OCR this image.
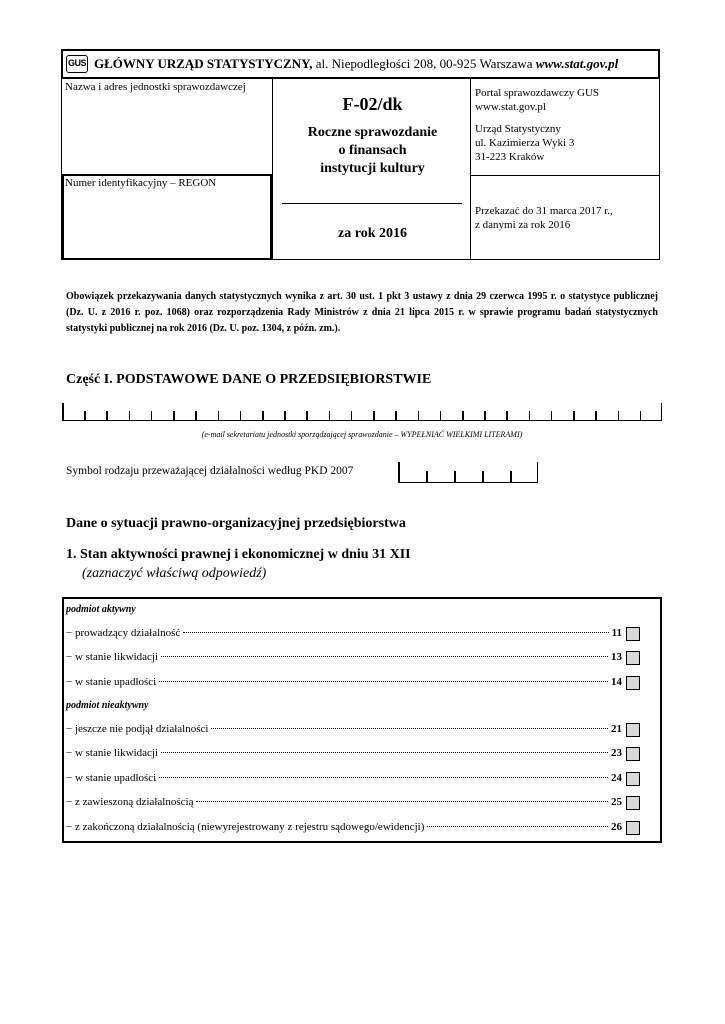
GUS GŁÓWNY URZĄD STATYSTYCZNY, al. Niepodległości 208, 00-925 Warszawa www.stat.gov.pl
Nazwa i adres jednostki sprawozdawczej
Numer identyfikacyjny – REGON
F-02/dk
Roczne sprawozdanie
o finansach
instytucji kultury
za rok 2016
Portal sprawozdawczy GUS
www.stat.gov.pl
Urząd Statystyczny
ul. Kazimierza Wyki 3
31-223 Kraków
Przekazać do 31 marca 2017 r.,
z danymi za rok 2016
Obowiązek przekazywania danych statystycznych wynika z art. 30 ust. 1 pkt 3 ustawy z dnia 29 czerwca 1995 r. o statystyce publicznej (Dz. U. z 2016 r. poz. 1068) oraz rozporządzenia Rady Ministrów z dnia 21 lipca 2015 r. w sprawie programu badań statystycznych statystyki publicznej na rok 2016 (Dz. U. poz. 1304, z późn. zm.).
Część I. PODSTAWOWE DANE O PRZEDSIĘBIORSTWIE
(e-mail sekretariatu jednostki sporządzającej sprawozdanie – WYPEŁNIAĆ WIELKIMI LITERAMI)
Symbol rodzaju przeważającej działalności według PKD 2007
Dane o sytuacji prawno-organizacyjnej przedsiębiorstwa
1. Stan aktywności prawnej i ekonomicznej w dniu 31 XII
(zaznaczyć właściwą odpowiedź)
podmiot aktywny
− prowadzący działalność	11
− w stanie likwidacji	13
− w stanie upadłości	14
podmiot nieaktywny
− jeszcze nie podjął działalności	21
− w stanie likwidacji	23
− w stanie upadłości	24
− z zawieszoną działalnością	25
− z zakończoną działalnością (niewyrejestrowany z rejestru sądowego/ewidencji)	26
